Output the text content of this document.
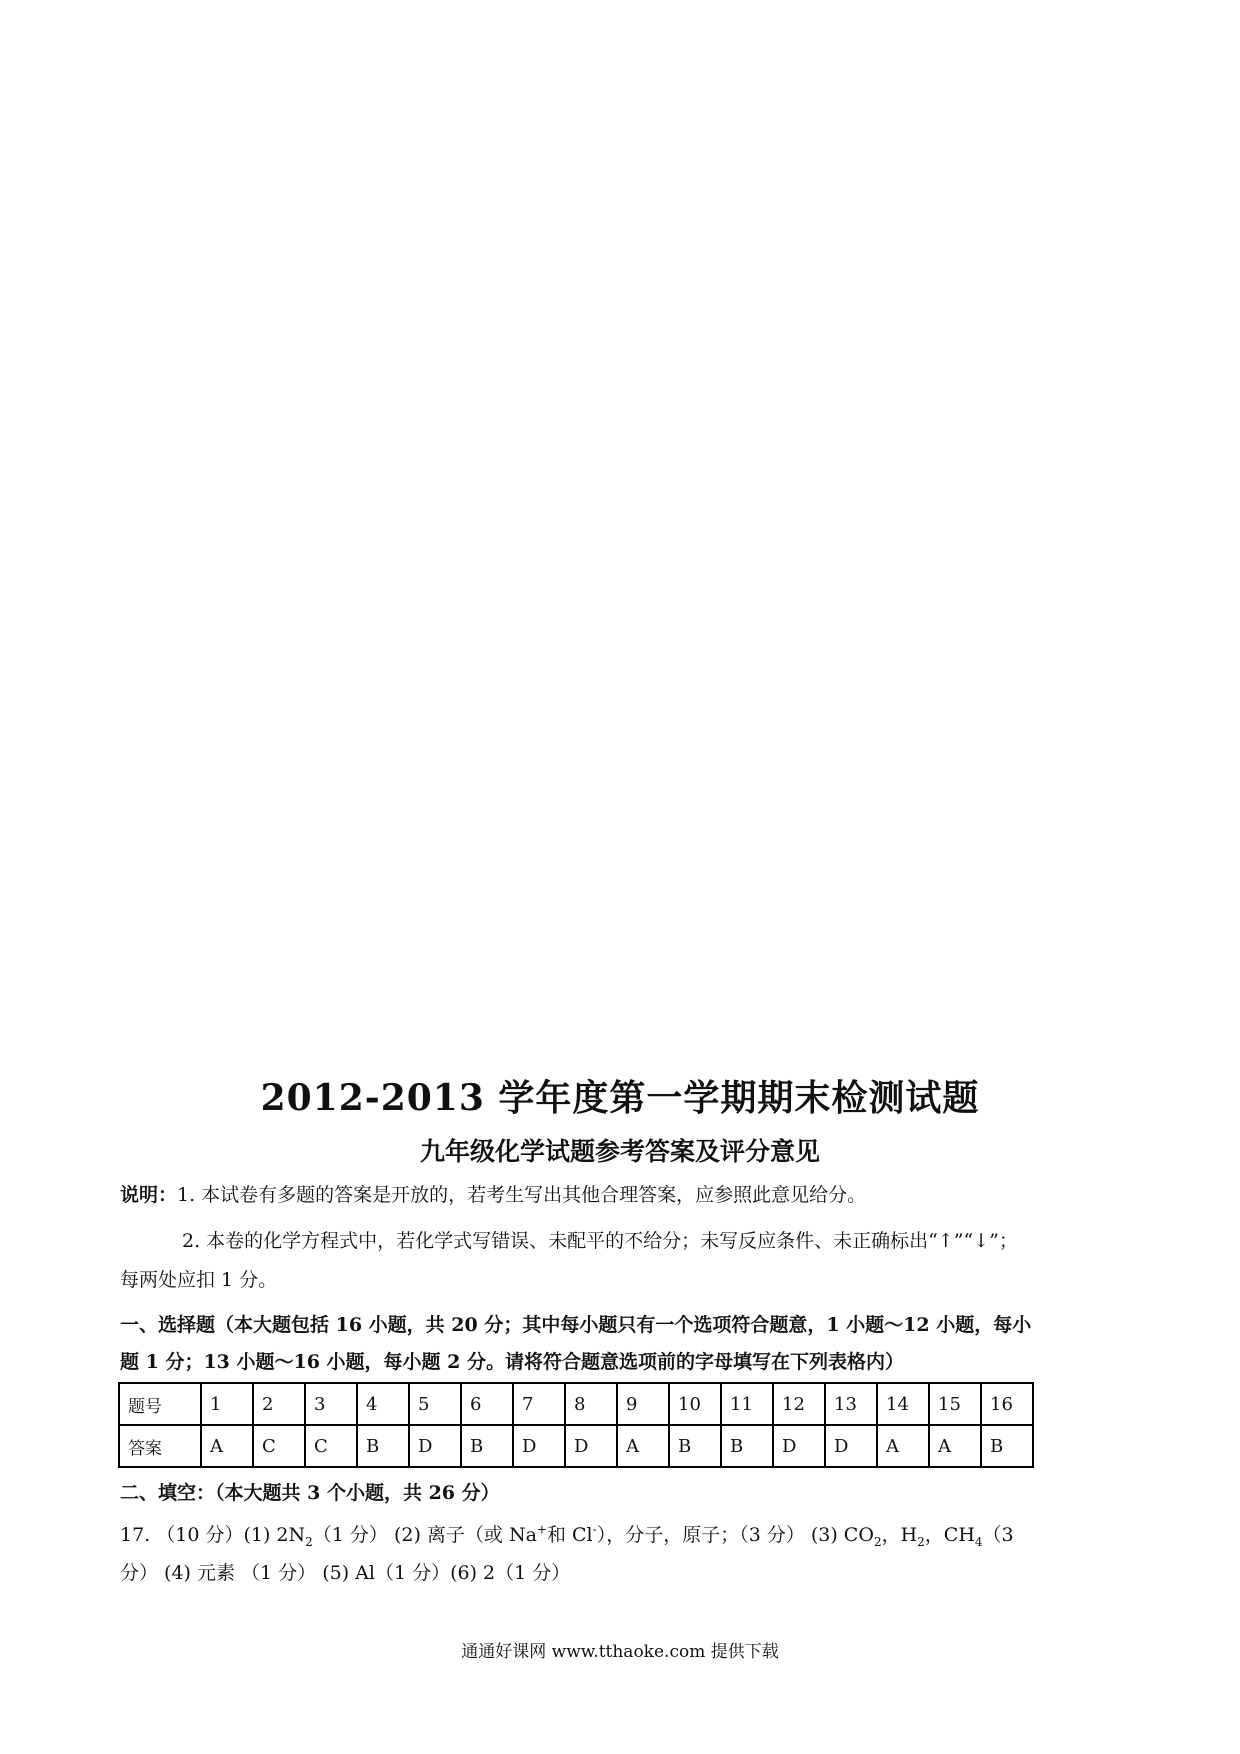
2012-2013 学年度第一学期期末检测试题
九年级化学试题参考答案及评分意见
说明：1. 本试卷有多题的答案是开放的，若考生写出其他合理答案，应参照此意见给分。
2. 本卷的化学方程式中，若化学式写错误、未配平的不给分；未写反应条件、未正确标出“↑”“↓”；
每两处应扣 1 分。
一、选择题（本大题包括 16 小题，共 20 分；其中每小题只有一个选项符合题意，1 小题～12 小题，每小
题 1 分；13 小题～16 小题，每小题 2 分。请将符合题意选项前的字母填写在下列表格内）
题号	1	2	3	4	5	6	7	8	9	10	11	12	13	14	15	16
答案	A	C	C	B	D	B	D	D	A	B	B	D	D	A	A	B
二、填空：（本大题共 3 个小题，共 26 分）
17. （10 分）(1) $2N_2(1$ 分） (2) 离子（或 Na+和 Cl-），分子，原子；（3 分） (3) $CO_2$，$H_2$，$CH_4(3$
分） (4) 元素 （1 分） (5) Al（1 分）(6) 2（1 分）
通通好课网 www.tthaoke.com 提供下载
